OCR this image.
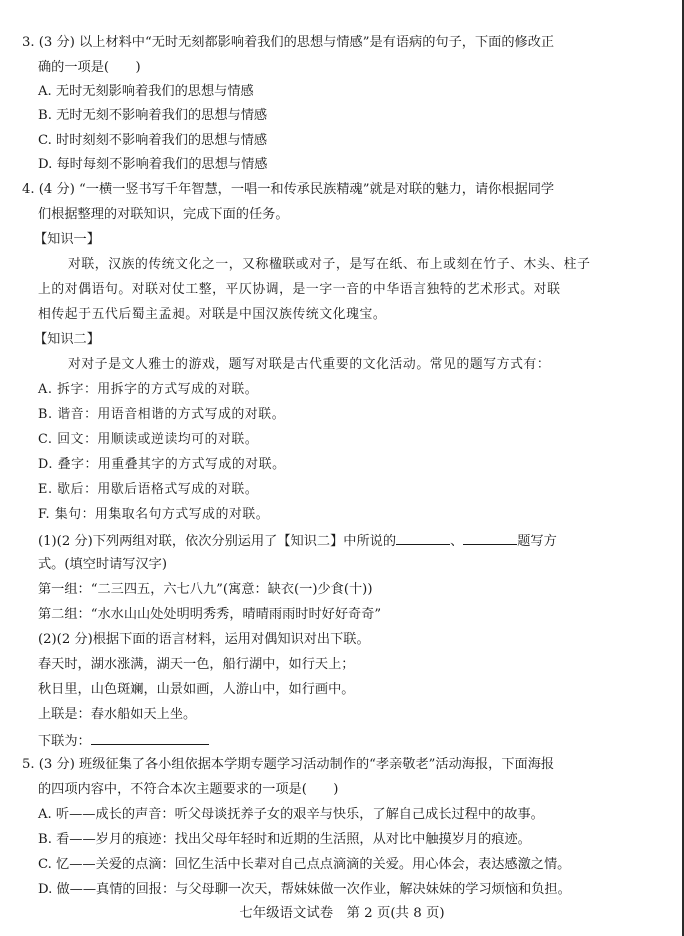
3. (3 分) 以上材料中“无时无刻都影响着我们的思想与情感”是有语病的句子，下面的修改正
确的一项是(　　)
A. 无时无刻影响着我们的思想与情感
B. 无时无刻不影响着我们的思想与情感
C. 时时刻刻不影响着我们的思想与情感
D. 每时每刻不影响着我们的思想与情感
4. (4 分) “一横一竖书写千年智慧，一唱一和传承民族精魂”就是对联的魅力，请你根据同学
们根据整理的对联知识，完成下面的任务。
【知识一】
对联，汉族的传统文化之一，又称楹联或对子，是写在纸、布上或刻在竹子、木头、柱子
上的对偶语句。对联对仗工整，平仄协调，是一字一音的中华语言独特的艺术形式。对联
相传起于五代后蜀主孟昶。对联是中国汉族传统文化瑰宝。
【知识二】
对对子是文人雅士的游戏，题写对联是古代重要的文化活动。常见的题写方式有：
A. 拆字：用拆字的方式写成的对联。
B. 谐音：用语音相谐的方式写成的对联。
C. 回文：用顺读或逆读均可的对联。
D. 叠字：用重叠其字的方式写成的对联。
E. 歇后：用歇后语格式写成的对联。
F. 集句：用集取名句方式写成的对联。
(1)(2 分)下列两组对联，依次分别运用了【知识二】中所说的	、	题写方
式。(填空时请写汉字)
第一组：“二三四五，六七八九”(寓意：缺衣(一)少食(十))
第二组：“水水山山处处明明秀秀，晴晴雨雨时时好好奇奇”
(2)(2 分)根据下面的语言材料，运用对偶知识对出下联。
春天时，湖水涨满，湖天一色，船行湖中，如行天上；
秋日里，山色斑斓，山景如画，人游山中，如行画中。
上联是：春水船如天上坐。
下联为：
5. (3 分) 班级征集了各小组依据本学期专题学习活动制作的“孝亲敬老”活动海报，下面海报
的四项内容中，不符合本次主题要求的一项是(　　)
A. 听——成长的声音：听父母谈抚养子女的艰辛与快乐，了解自己成长过程中的故事。
B. 看——岁月的痕迹：找出父母年轻时和近期的生活照，从对比中触摸岁月的痕迹。
C. 忆——关爱的点滴：回忆生活中长辈对自己点点滴滴的关爱。用心体会，表达感激之情。
D. 做——真情的回报：与父母聊一次天，帮妹妹做一次作业，解决妹妹的学习烦恼和负担。
七年级语文试卷　第 2 页(共 8 页)
